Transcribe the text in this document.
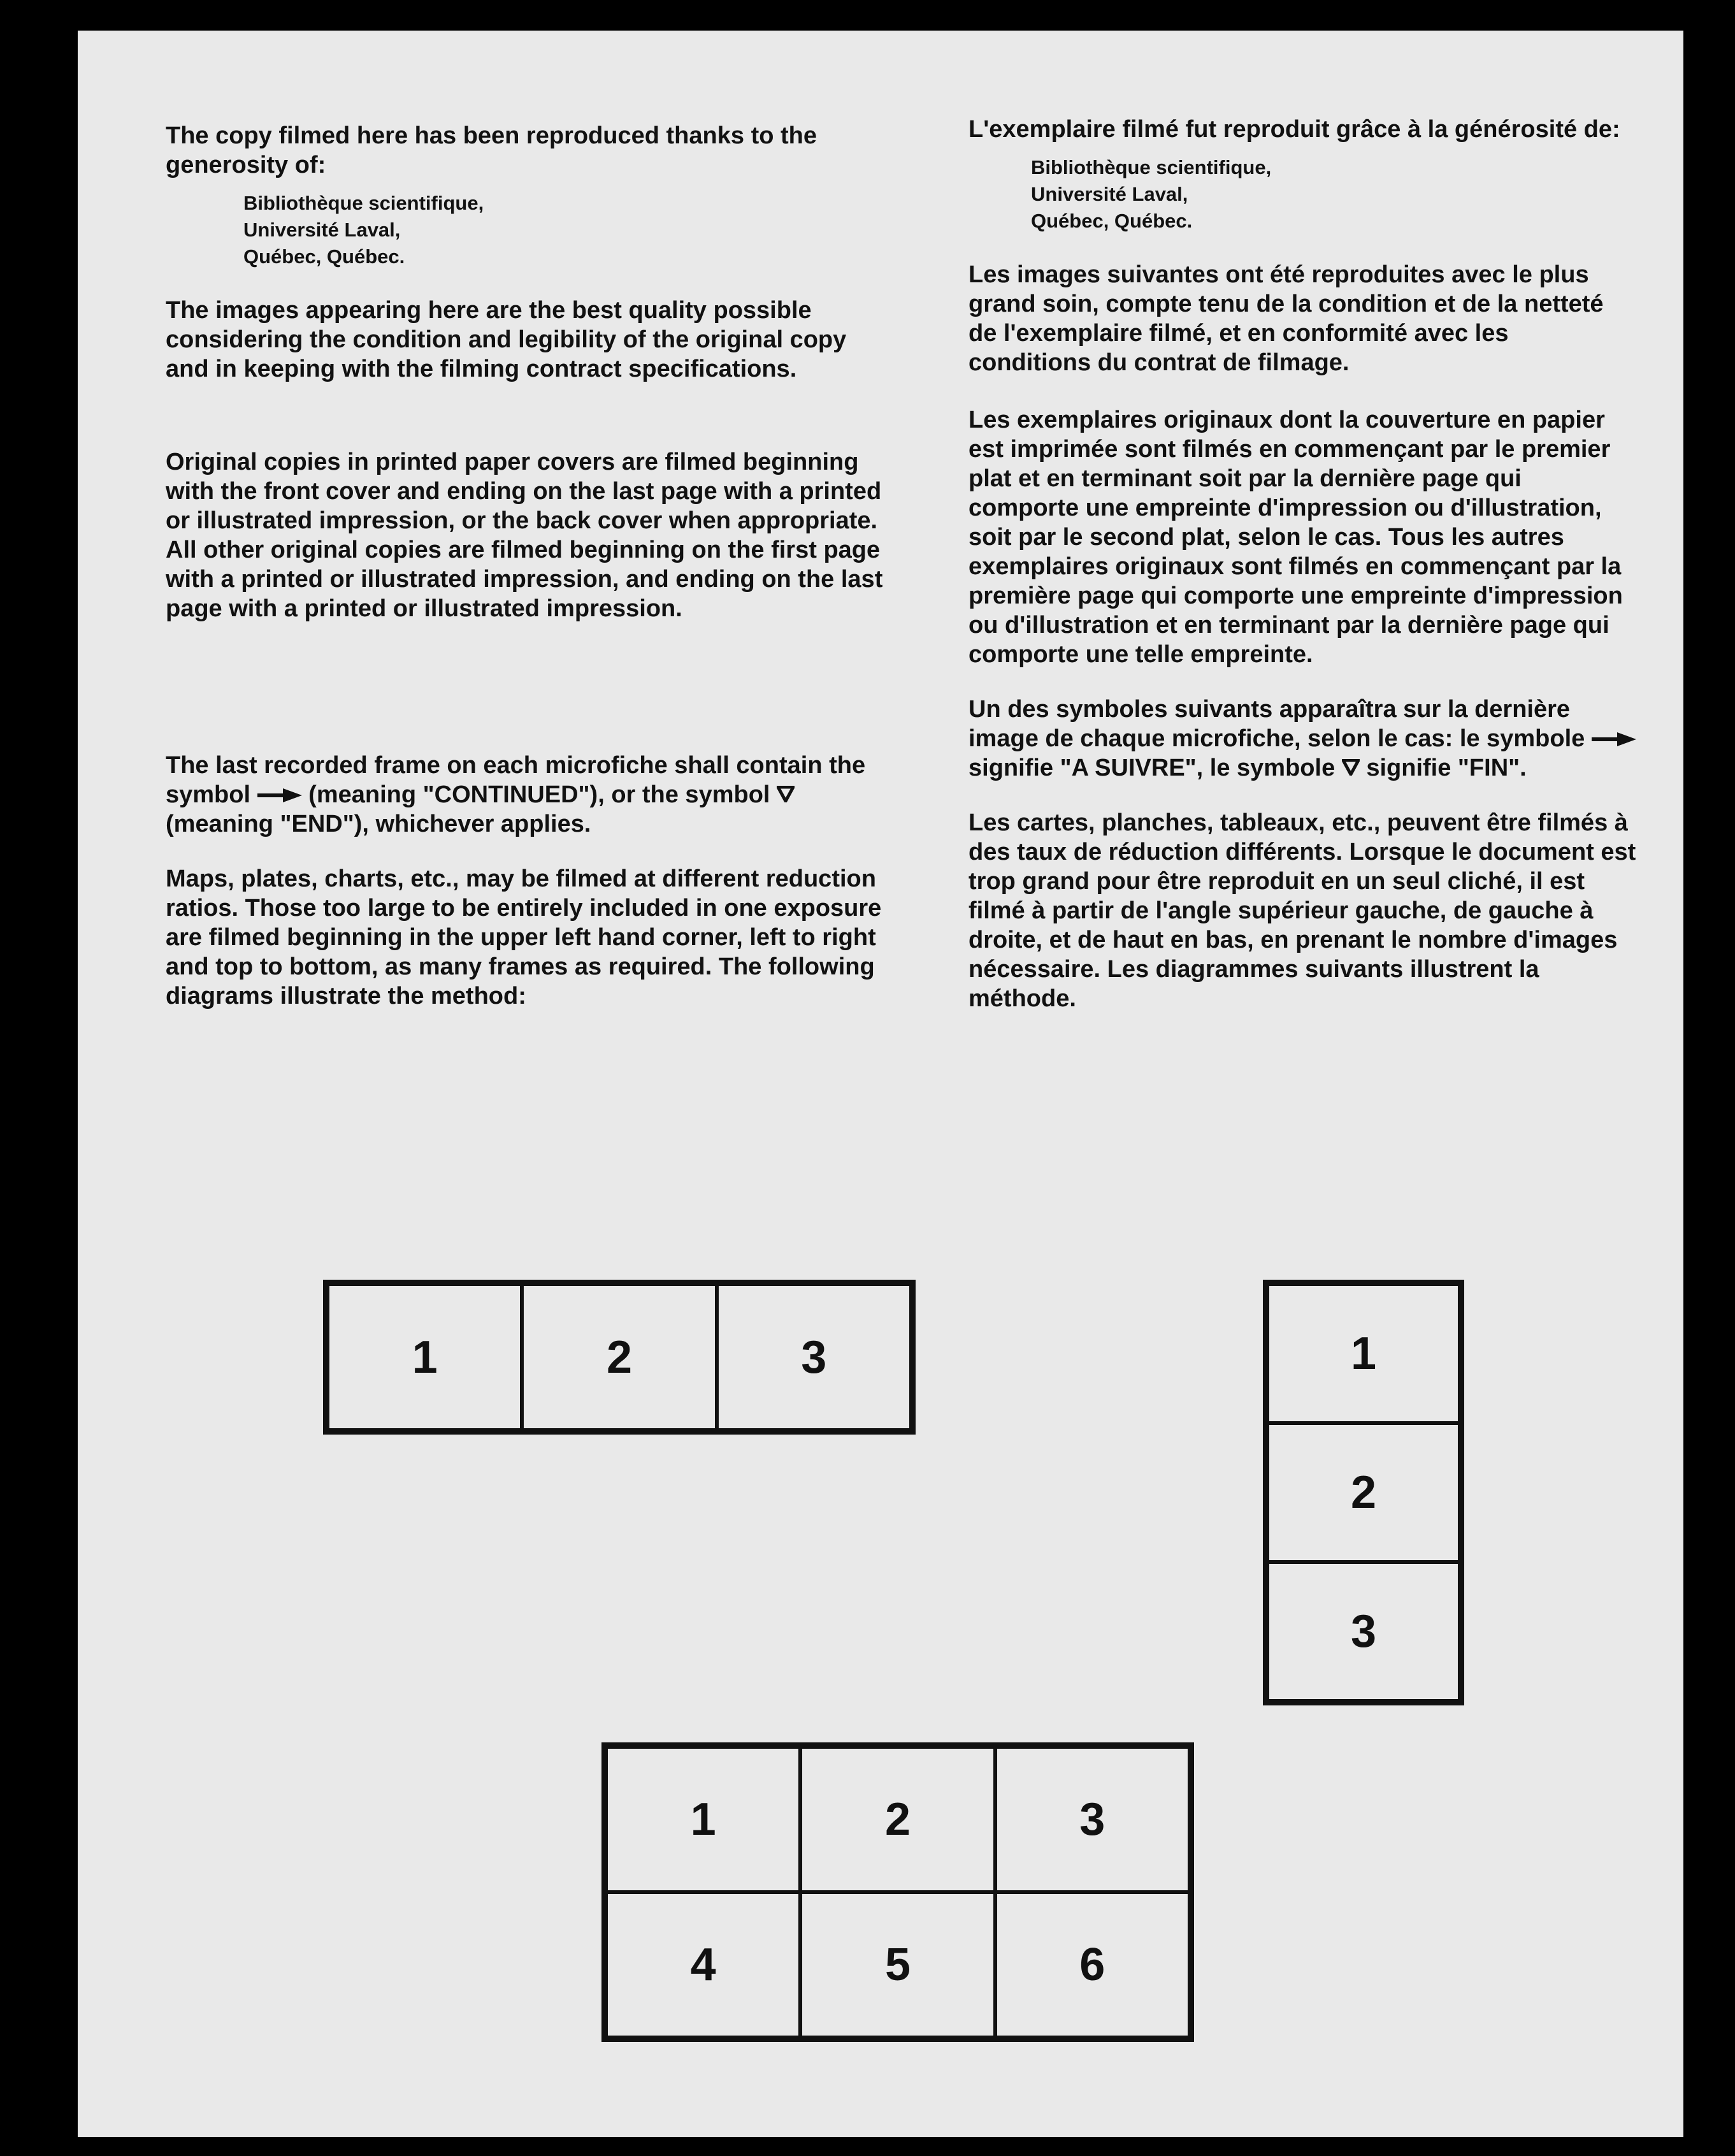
The copy filmed here has been reproduced thanks to the generosity of:

Bibliothèque scientifique,
Université Laval,
Québec, Québec.

The images appearing here are the best quality possible considering the condition and legibility of the original copy and in keeping with the filming contract specifications.

Original copies in printed paper covers are filmed beginning with the front cover and ending on the last page with a printed or illustrated impression, or the back cover when appropriate. All other original copies are filmed beginning on the first page with a printed or illustrated impression, and ending on the last page with a printed or illustrated impression.

The last recorded frame on each microfiche shall contain the symbol (meaning "CONTINUED"), or the symbol  (meaning "END"), whichever applies.

Maps, plates, charts, etc., may be filmed at different reduction ratios. Those too large to be entirely included in one exposure are filmed beginning in the upper left hand corner, left to right and top to bottom, as many frames as required. The following diagrams illustrate the method:

L'exemplaire filmé fut reproduit grâce à la générosité de:

Bibliothèque scientifique,
Université Laval,
Québec, Québec.

Les images suivantes ont été reproduites avec le plus grand soin, compte tenu de la condition et de la netteté de l'exemplaire filmé, et en conformité avec les conditions du contrat de filmage.

Les exemplaires originaux dont la couverture en papier est imprimée sont filmés en commençant par le premier plat et en terminant soit par la dernière page qui comporte une empreinte d'impression ou d'illustration, soit par le second plat, selon le cas. Tous les autres exemplaires originaux sont filmés en commençant par la première page qui comporte une empreinte d'impression ou d'illustration et en terminant par la dernière page qui comporte une telle empreinte.

Un des symboles suivants apparaîtra sur la dernière image de chaque microfiche, selon le cas: le symbole  signifie "A SUIVRE", le symbole signifie "FIN".

Les cartes, planches, tableaux, etc., peuvent être filmés à des taux de réduction différents. Lorsque le document est trop grand pour être reproduit en un seul cliché, il est filmé à partir de l'angle supérieur gauche, de gauche à droite, et de haut en bas, en prenant le nombre d'images nécessaire. Les diagrammes suivants illustrent la méthode.

1	2	3	1
2
3
1	2	3
4	5	6
